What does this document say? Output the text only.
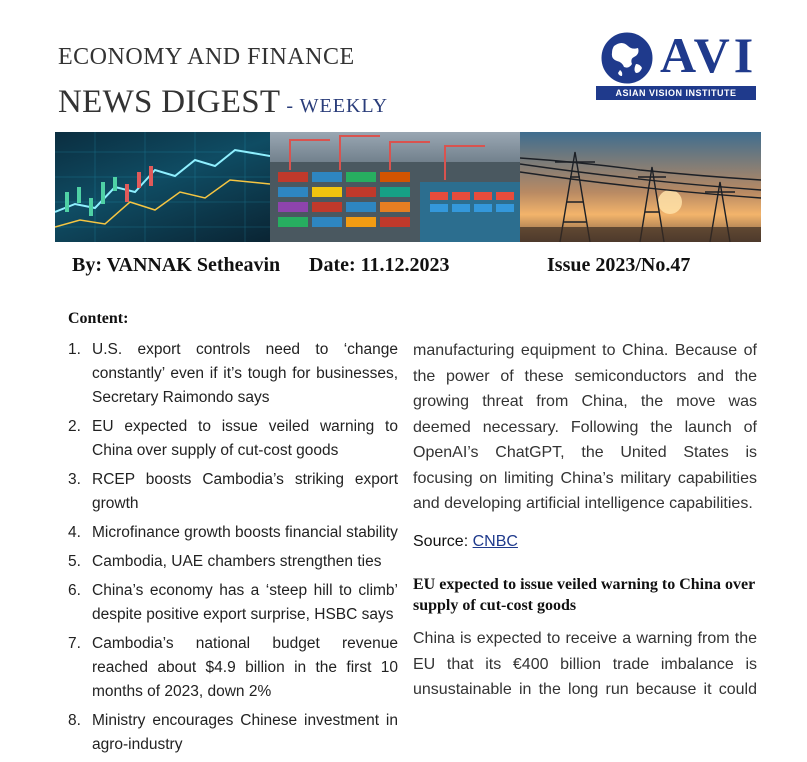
ECONOMY AND FINANCE
NEWS DIGEST - WEEKLY
AVI
ASIAN VISION INSTITUTE
By: VANNAK Setheavin Date: 11.12.2023	Issue 2023/No.47
Content:
1. U.S. export controls need to ‘change constantly’ even if it’s tough for businesses, Secretary Raimondo says
2. EU expected to issue veiled warning to China over supply of cut-cost goods
3. RCEP boosts Cambodia’s striking export growth
4. Microfinance growth boosts financial stability
5. Cambodia, UAE chambers strengthen ties
6. China’s economy has a ‘steep hill to climb’ despite positive export surprise, HSBC says
7. Cambodia’s national budget revenue reached about $4.9 billion in the first 10 months of 2023, down 2%
8. Ministry encourages Chinese investment in agro-industry
manufacturing equipment to China. Because of the power of these semiconductors and the growing threat from China, the move was deemed necessary. Following the launch of OpenAI’s ChatGPT, the United States is focusing on limiting China’s military capabilities and developing artificial intelligence capabilities.
Source: CNBC
EU expected to issue veiled warning to China over supply of cut-cost goods
China is expected to receive a warning from the EU that its €400 billion trade imbalance is unsustainable in the long run because it could
